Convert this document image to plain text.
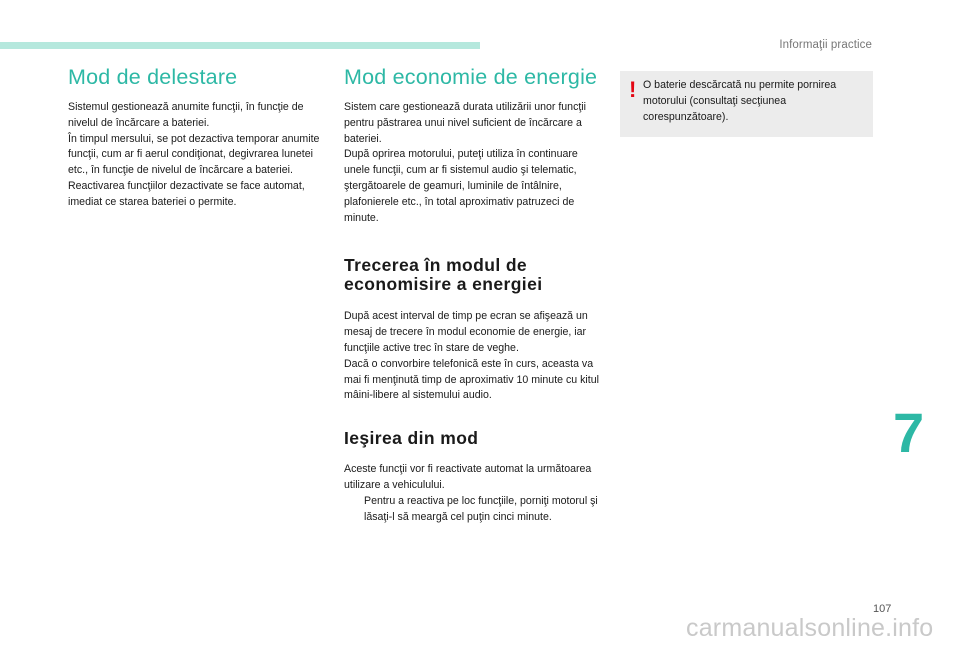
Informaţii practice
Mod de delestare

Sistemul gestionează anumite funcţii, în funcţie de nivelul de încărcare a bateriei.

În timpul mersului, se pot dezactiva temporar anumite funcţii, cum ar fi aerul condiţionat, degivrarea lunetei etc., în funcţie de nivelul de încărcare a bateriei.

Reactivarea funcţiilor dezactivate se face automat, imediat ce starea bateriei o permite.

Mod economie de energie

Sistem care gestionează durata utilizării unor funcţii pentru păstrarea unui nivel suficient de încărcare a bateriei.

După oprirea motorului, puteţi utiliza în continuare unele funcţii, cum ar fi sistemul audio şi telematic, ştergătoarele de geamuri, luminile de întâlnire, plafonierele etc., în total aproximativ patruzeci de minute.

Trecerea în modul de economisire a energiei

După acest interval de timp pe ecran se afişează un mesaj de trecere în modul economie de energie, iar funcţiile active trec în stare de veghe.

Dacă o convorbire telefonică este în curs, aceasta va mai fi menţinută timp de aproximativ 10 minute cu kitul mâini-libere al sistemului audio.

Ieşirea din mod

Aceste funcţii vor fi reactivate automat la următoarea utilizare a vehiculului.

Pentru a reactiva pe loc funcţiile, porniţi motorul şi lăsaţi-l să meargă cel puţin cinci minute.
! O baterie descărcată nu permite pornirea motorului (consultaţi secţiunea corespunzătoare).
7
107
carmanualsonline.info
